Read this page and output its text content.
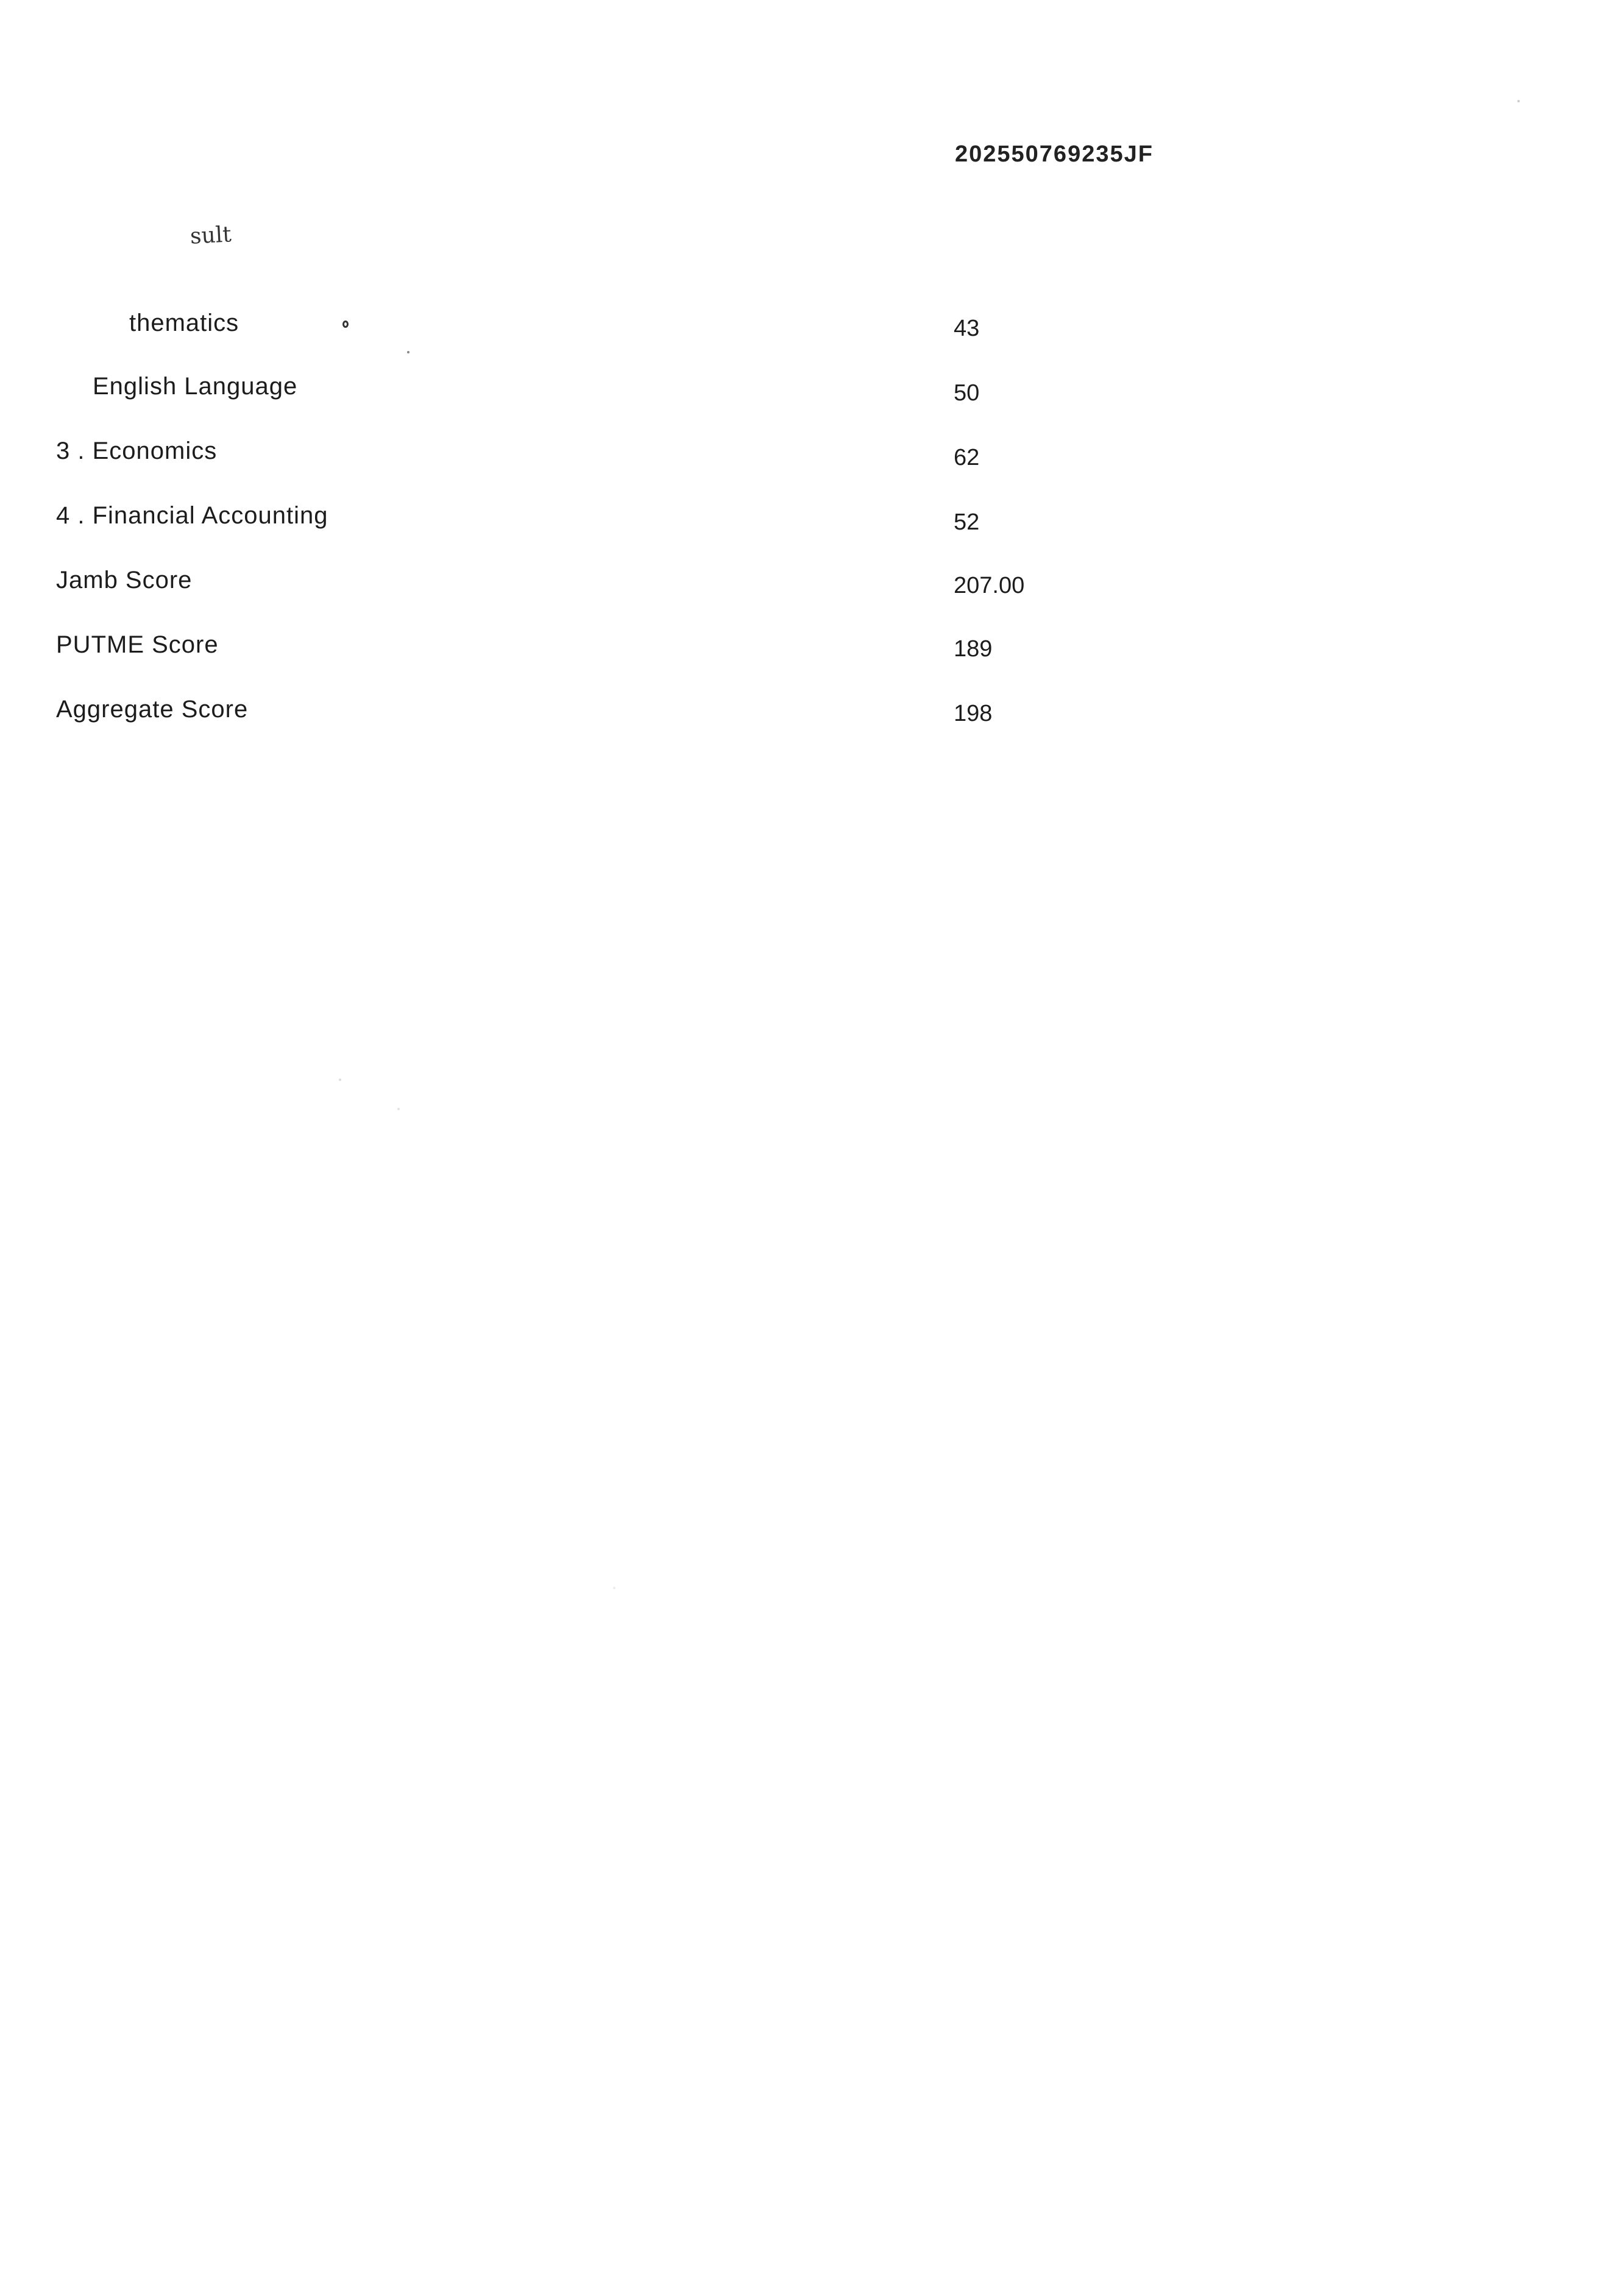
202550769235JF
sult
thematics	43
English Language	50
3 . Economics	62
4 . Financial Accounting	52
Jamb Score	207.00
PUTME Score	189
Aggregate Score	198
